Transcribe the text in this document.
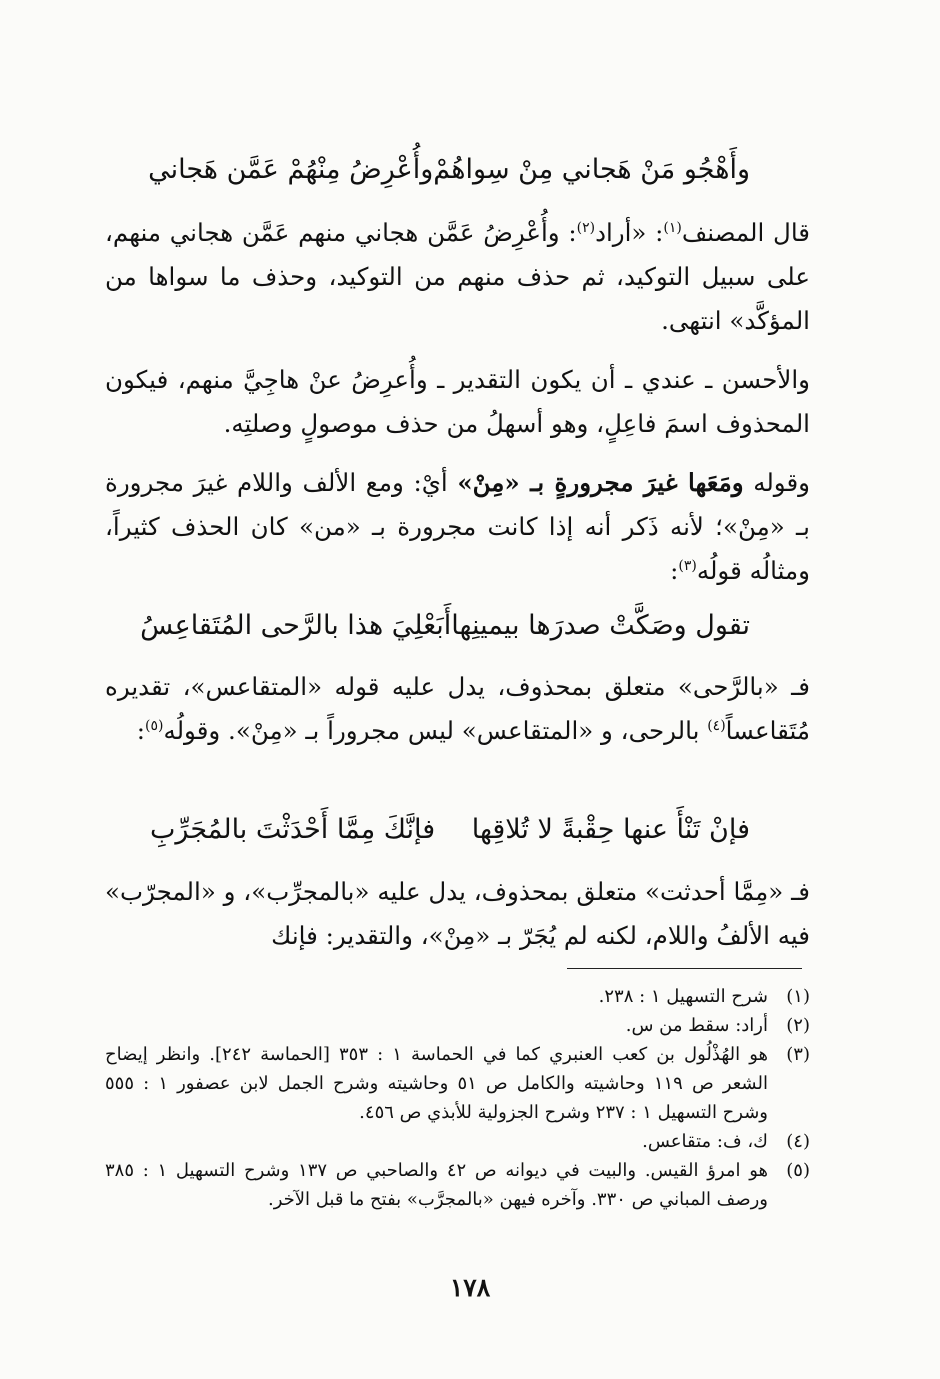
وأَهْجُو مَنْ هَجاني مِنْ سِواهُمْ
وأُعْرِضُ مِنْهُمْ عَمَّن هَجاني

قال المصنف$^{(١)}$: «أراد$^{(٢)}$: وأُعْرِضُ عَمَّن هجاني منهم عَمَّن هجاني منهم، على سبيل التوكيد، ثم حذف منهم من التوكيد، وحذف ما سواها من المؤكَّد» انتهى.

والأحسن ـ عندي ـ أن يكون التقدير ـ وأُعرِضُ عنْ هاجِيَّ منهم، فيكون المحذوف اسمَ فاعِلٍ، وهو أسهلُ من حذف موصولٍ وصلتِه.

وقوله ومَعَها غيرَ مجرورةٍ بـ «مِنْ» أيْ: ومع الألف واللام غيرَ مجرورة بـ «مِنْ»؛ لأنه ذَكر أنه إذا كانت مجرورة بـ «من» كان الحذف كثيراً، ومثالُه قولُه$^{(٣)}$:

تقول وصَكَّتْ صدرَها بيمينِها
أَبَعْلِيَ هذا بالرَّحى المُتَقاعِسُ

فـ «بالرَّحى» متعلق بمحذوف، يدل عليه قوله «المتقاعس»، تقديره مُتَقاعساً$^{(٤)}$ بالرحى، و «المتقاعس» ليس مجروراً بـ «مِنْ». وقولُه$^{(٥)}$:

فإنْ تَنْأَ عنها حِقْبةً لا تُلاقِها
فإنَّكَ مِمَّا أَحْدَثْتَ بالمُجَرِّبِ

فـ «مِمَّا أحدثت» متعلق بمحذوف، يدل عليه «بالمجرِّب»، و «المجرّب» فيه الألفُ واللام، لكنه لم يُجَرّ بـ «مِنْ»، والتقدير: فإنك

(١)
شرح التسهيل ١ : ٢٣٨.

(٢)
أراد: سقط من س.

(٣)
هو الهُذْلُول بن كعب العنبري كما في الحماسة ١ : ٣٥٣ [الحماسة ٢٤٢]. وانظر إيضاح الشعر ص ١١٩ وحاشيته والكامل ص ٥١ وحاشيته وشرح الجمل لابن عصفور ١ : ٥٥٥ وشرح التسهيل ١ : ٢٣٧ وشرح الجزولية للأبذي ص ٤٥٦.

(٤)
ك، ف: متقاعس.

(٥)
هو امرؤ القيس. والبيت في ديوانه ص ٤٢ والصاحبي ص ١٣٧ وشرح التسهيل ١ : ٣٨٥ ورصف المباني ص ٣٣٠. وآخره فيهن «بالمجرَّب» بفتح ما قبل الآخر.

١٧٨
